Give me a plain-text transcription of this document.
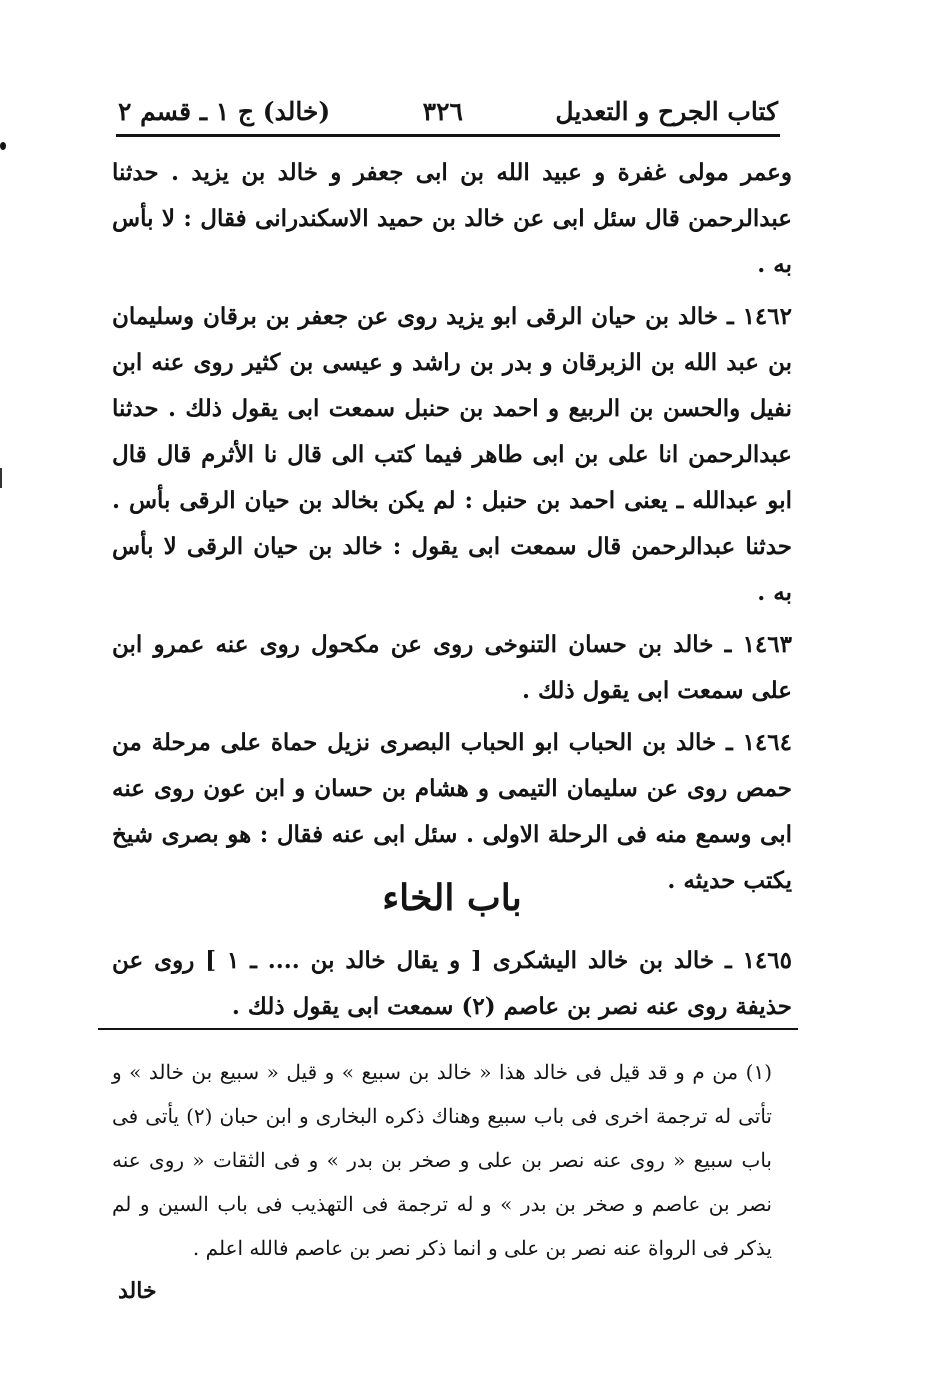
كتاب الجرح و التعديل
٣٢٦
(خالد) ج ١ ـ قسم ٢

وعمر مولى غفرة و عبيد الله بن ابى جعفر و خالد بن يزيد . حدثنا عبدالرحمن قال سئل ابى عن خالد بن حميد الاسكندرانى فقال : لا بأس به .

١٤٦٢ ـ خالد بن حيان الرقى ابو يزيد روى عن جعفر بن برقان وسليمان بن عبد الله بن الزبرقان و بدر بن راشد و عيسى بن كثير روى عنه ابن نفيل والحسن بن الربيع و احمد بن حنبل سمعت ابى يقول ذلك . حدثنا عبدالرحمن انا على بن ابى طاهر فيما كتب الى قال نا الأثرم قال قال ابو عبدالله ـ يعنى احمد بن حنبل : لم يكن بخالد بن حيان الرقى بأس . حدثنا عبدالرحمن قال سمعت ابى يقول : خالد بن حيان الرقى لا بأس به .

١٤٦٣ ـ خالد بن حسان التنوخى روى عن مكحول روى عنه عمرو ابن على سمعت ابى يقول ذلك .

١٤٦٤ ـ خالد بن الحباب ابو الحباب البصرى نزيل حماة على مرحلة من حمص روى عن سليمان التيمى و هشام بن حسان و ابن عون روى عنه ابى وسمع منه فى الرحلة الاولى . سئل ابى عنه فقال : هو بصرى شيخ يكتب حديثه .

باب الخاء

١٤٦٥ ـ خالد بن خالد اليشكرى [ و يقال خالد بن .... ـ ١ ] روى عن حذيفة روى عنه نصر بن عاصم (٢) سمعت ابى يقول ذلك .

(١) من م و قد قيل فى خالد هذا « خالد بن سبيع » و قيل « سبيع بن خالد » و تأتى له ترجمة اخرى فى باب سبيع وهناك ذكره البخارى و ابن حبان (٢) يأتى فى باب سبيع « روى عنه نصر بن على و صخر بن بدر » و فى الثقات « روى عنه نصر بن عاصم و صخر بن بدر » و له ترجمة فى التهذيب فى باب السين و لم يذكر فى الرواة عنه نصر بن على و انما ذكر نصر بن عاصم فالله اعلم .

خالد
